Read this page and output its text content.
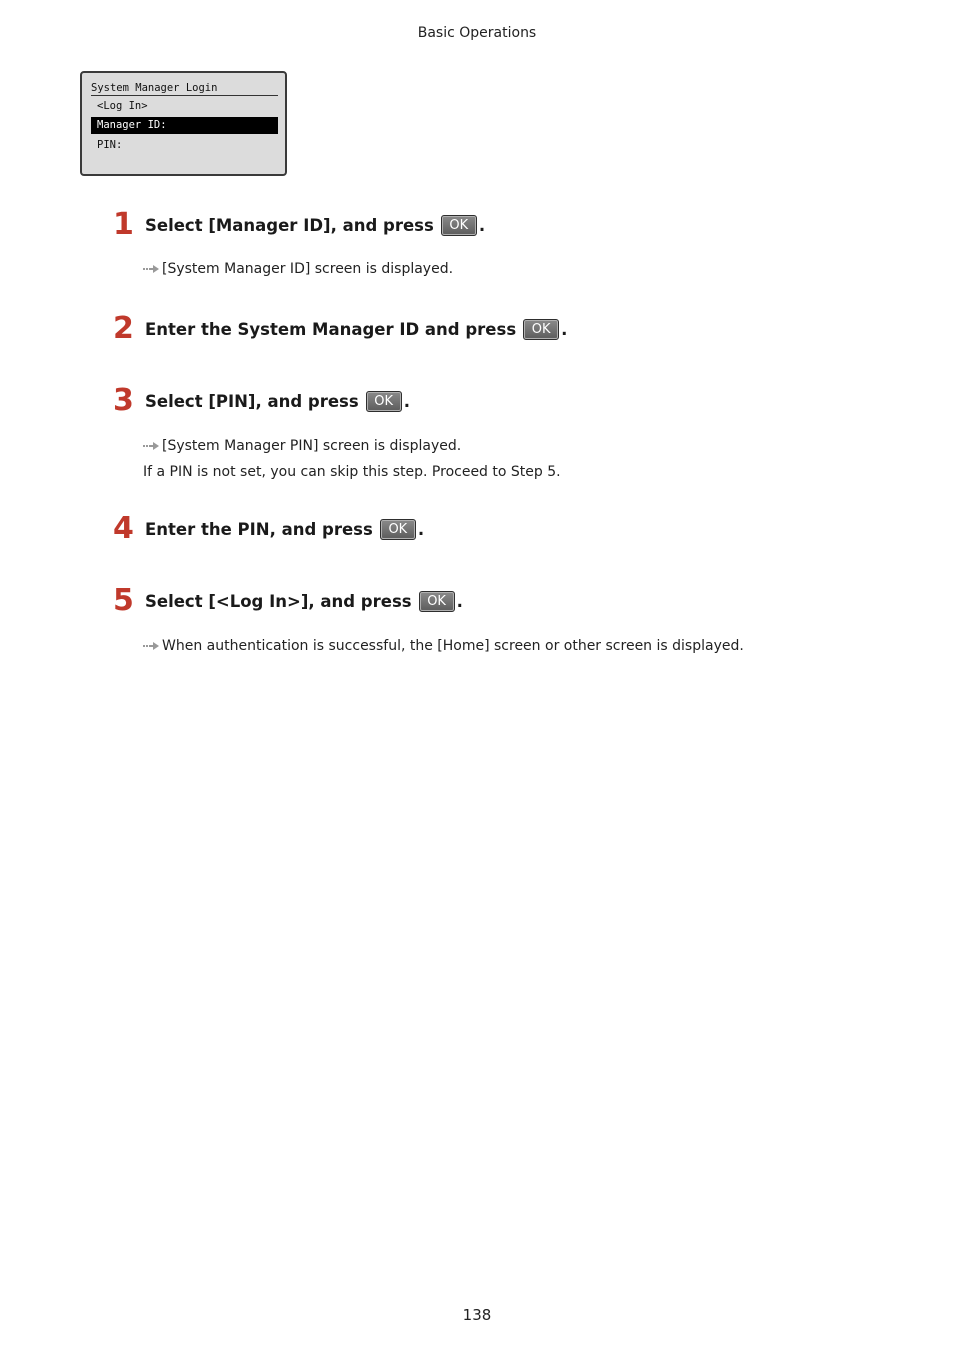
Basic Operations
System Manager Login
<Log In>
Manager ID:
PIN:
1 Select [Manager ID], and press	OK .
[System Manager ID] screen is displayed.
2 Enter the System Manager ID and press	OK .
3 Select [PIN], and press	OK .
[System Manager PIN] screen is displayed.
If a PIN is not set, you can skip this step. Proceed to Step 5.
4 Enter the PIN, and press	OK .
5 Select [<Log In>], and press	OK .
When authentication is successful, the [Home] screen or other screen is displayed.
138
